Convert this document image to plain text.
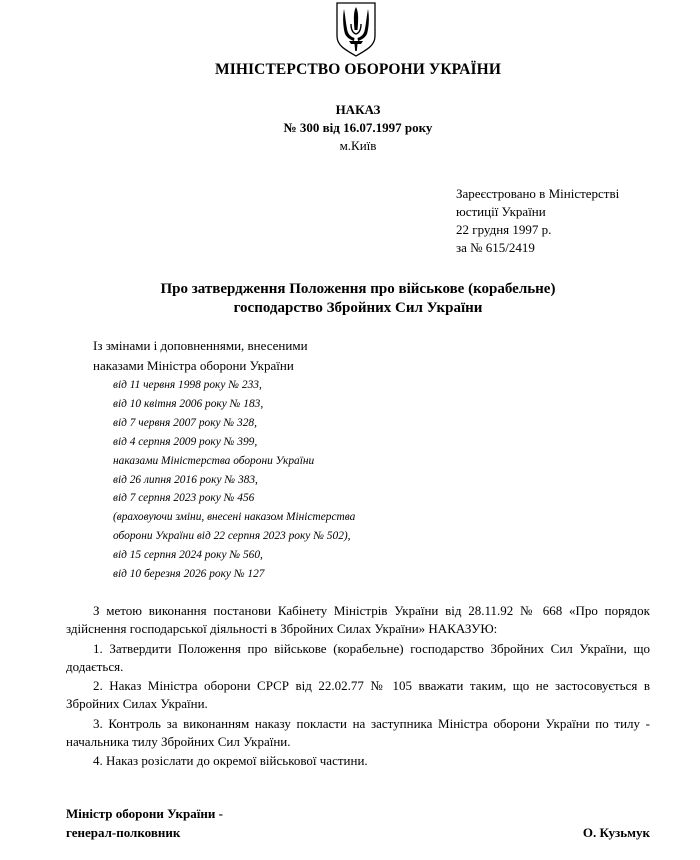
МІНІСТЕРСТВО ОБОРОНИ УКРАЇНИ
НАКАЗ
№ 300 від 16.07.1997 року
м.Київ
Зареєстровано в Міністерстві
юстиції України
22 грудня 1997 р.
за № 615/2419
Про затвердження Положення про військове (корабельне)
господарство Збройних Сил України
Із змінами і доповненнями, внесеними
наказами Міністра оборони України
від 11 червня 1998 року № 233,
від 10 квітня 2006 року № 183,
від 7 червня 2007 року № 328,
від 4 серпня 2009 року № 399,
наказами Міністерства оборони України
від 26 липня 2016 року № 383,
від 7 серпня 2023 року № 456
(враховуючи зміни, внесені наказом Міністерства
оборони України від 22 серпня 2023 року № 502),
від 15 серпня 2024 року № 560,
від 10 березня 2026 року № 127

З метою виконання постанови Кабінету Міністрів України від 28.11.92 № 668 «Про порядок здійснення господарської діяльності в Збройних Силах України» НАКАЗУЮ:

1. Затвердити Положення про військове (корабельне) господарство Збройних Сил України, що додається.

2. Наказ Міністра оборони СРСР від 22.02.77 № 105 вважати таким, що не застосовується в Збройних Силах України.

3. Контроль за виконанням наказу покласти на заступника Міністра оборони України по тилу - начальника тилу Збройних Сил України.

4. Наказ розіслати до окремої військової частини.

Міністр оборони України -
генерал-полковник	О. Кузьмук
